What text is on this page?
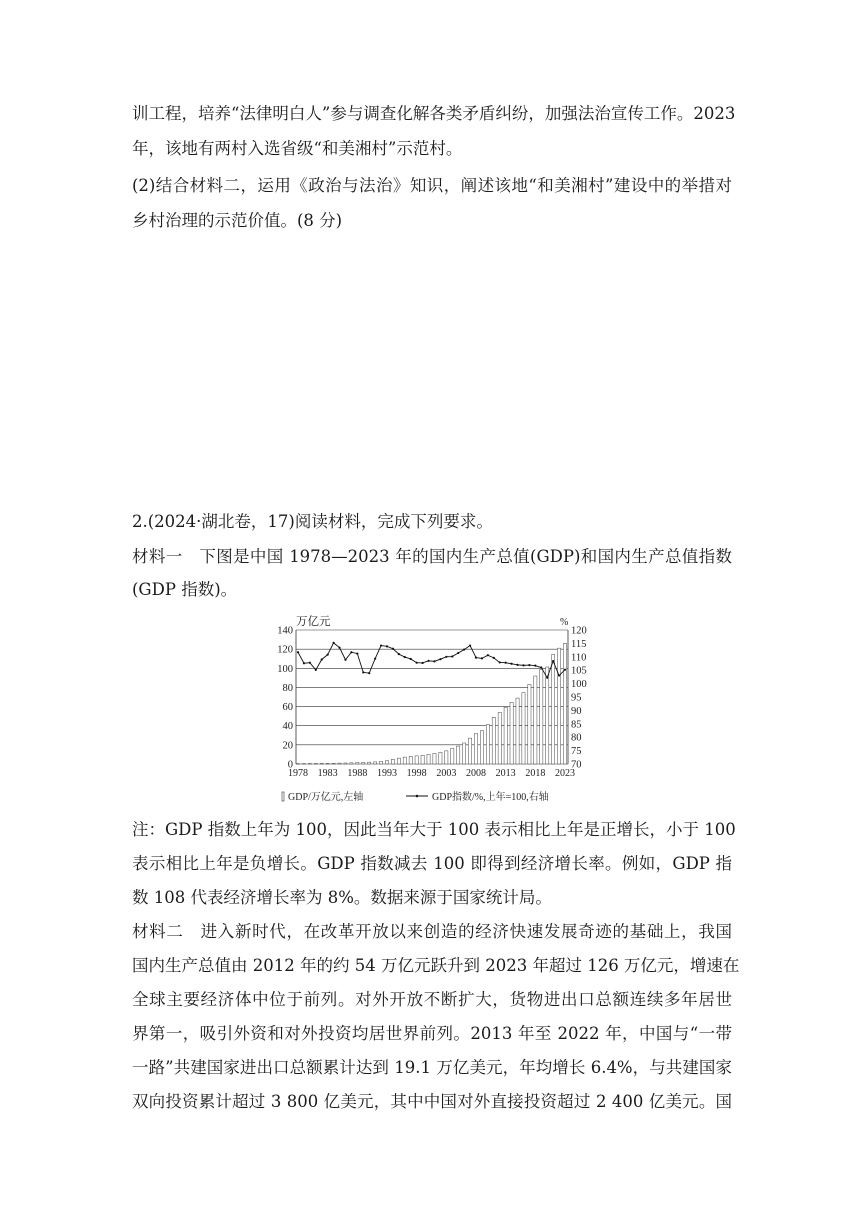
训工程，培养“法律明白人”参与调查化解各类矛盾纠纷，加强法治宣传工作。2023
年，该地有两村入选省级“和美湘村”示范村。
(2)结合材料二，运用《政治与法治》知识，阐述该地“和美湘村”建设中的举措对
乡村治理的示范价值。(8 分)
2.(2024·湖北卷，17)阅读材料，完成下列要求。
材料一　下图是中国 1978—2023 年的国内生产总值(GDP)和国内生产总值指数
(GDP 指数)。
0
20
40
60
80
100
120
140
70
75
80
85
90
95
100
105
110
115
120
1978 1983 1988 1993 1998 2003 2008 2013 2018 2023
万亿元	%
GDP/万亿元,左轴	GDP指数/%,上年=100,右轴
注：GDP 指数上年为 100，因此当年大于 100 表示相比上年是正增长，小于 100
表示相比上年是负增长。GDP 指数减去 100 即得到经济增长率。例如，GDP 指
数 108 代表经济增长率为 8%。数据来源于国家统计局。
材料二　进入新时代，在改革开放以来创造的经济快速发展奇迹的基础上，我国
国内生产总值由 2012 年的约 54 万亿元跃升到 2023 年超过 126 万亿元，增速在
全球主要经济体中位于前列。对外开放不断扩大，货物进出口总额连续多年居世
界第一，吸引外资和对外投资均居世界前列。2013 年至 2022 年，中国与“一带
一路”共建国家进出口总额累计达到 19.1 万亿美元，年均增长 6.4%，与共建国家
双向投资累计超过 3 800 亿美元，其中中国对外直接投资超过 2 400 亿美元。国
